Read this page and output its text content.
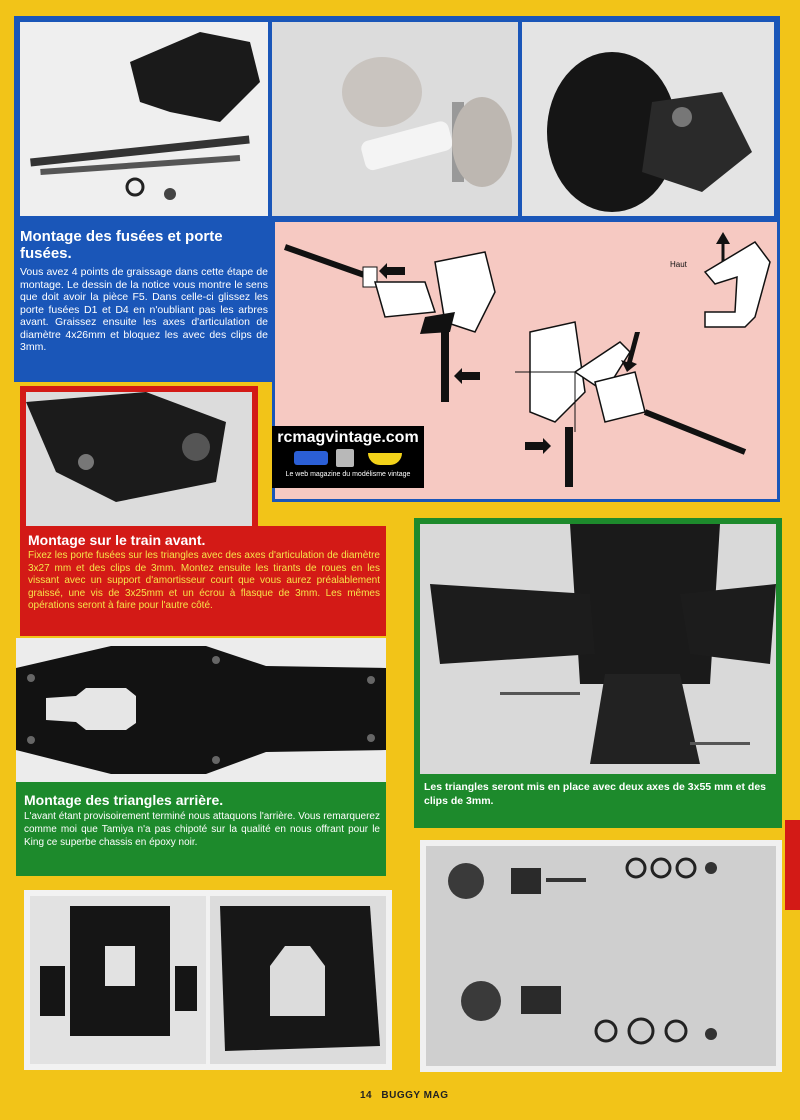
Montage des fusées et porte fusées.
Vous avez 4 points de graissage dans cette étape de montage. Le dessin de la notice vous montre le sens que doit avoir la pièce F5. Dans celle-ci glissez les porte fusées D1 et D4 en n'oubliant pas les arbres avant. Graissez ensuite les axes d'articulation de diamètre 4x26mm et bloquez les avec des clips de 3mm.
Haut
rcmagvintage.com
Le web magazine du modélisme vintage
Montage sur le train avant.
Fixez les porte fusées sur les triangles avec des axes d'articulation de diamètre 3x27 mm et des clips de 3mm. Montez ensuite les tirants de roues en les vissant avec un support d'amortisseur court que vous aurez préalablement graissé, une vis de 3x25mm et un écrou à flasque de 3mm. Les mêmes opérations seront à faire pour l'autre côté.
Montage des triangles arrière.
L'avant étant provisoirement terminé nous attaquons l'arrière. Vous remarquerez comme moi que Tamiya n'a pas chipoté sur la qualité en nous offrant pour le King ce superbe chassis en époxy noir.
Les triangles seront mis en place avec deux axes de 3x55 mm et des clips de 3mm.
14 BUGGY MAG
